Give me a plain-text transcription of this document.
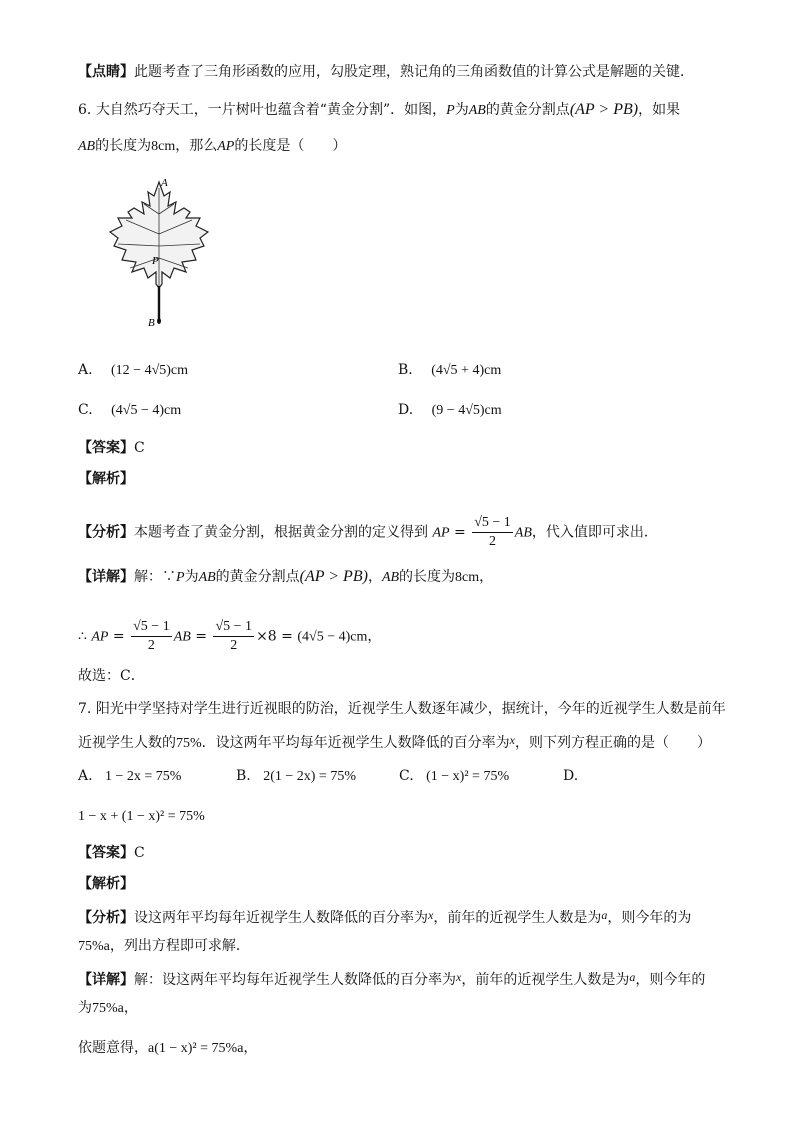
【点睛】此题考查了三角形函数的应用，勾股定理，熟记角的三角函数值的计算公式是解题的关键．
6. 大自然巧夺天工，一片树叶也蕴含着“黄金分割”．如图，P为AB的黄金分割点(AP > PB)，如果
AB的长度为8cm，那么AP的长度是（　　）
A
P
B
A. (12 − 4√5)cm	B. (4√5 + 4)cm
C. (4√5 − 4)cm	D. (9 − 4√5)cm
【答案】C
【解析】
【分析】本题考查了黄金分割，根据黄金分割的定义得到 AP = $\frac{√5 - 1}{2}$ AB，代入值即可求出．
【详解】解：∵P为AB的黄金分割点(AP > PB)，AB的长度为8cm，
∴ AP = $\frac{√5 - 1}{2}$ AB = $\frac{√5 - 1}{2} \times 8 = (4√5 - 4)cm$，
故选：C．
7. 阳光中学坚持对学生进行近视眼的防治，近视学生人数逐年减少，据统计，今年的近视学生人数是前年
近视学生人数的75%．设这两年平均每年近视学生人数降低的百分率为x，则下列方程正确的是（　　）
A. 1 − 2x = 75%	B. 2(1 − 2x) = 75%	C. (1 − x)² = 75%	D.
1 − x + (1 − x)² = 75%
【答案】C
【解析】
【分析】设这两年平均每年近视学生人数降低的百分率为x，前年的近视学生人数是为a，则今年的为
75%a，列出方程即可求解．
【详解】解：设这两年平均每年近视学生人数降低的百分率为x，前年的近视学生人数是为a，则今年的
为75%a，
依题意得，a(1 − x)² = 75%a，
